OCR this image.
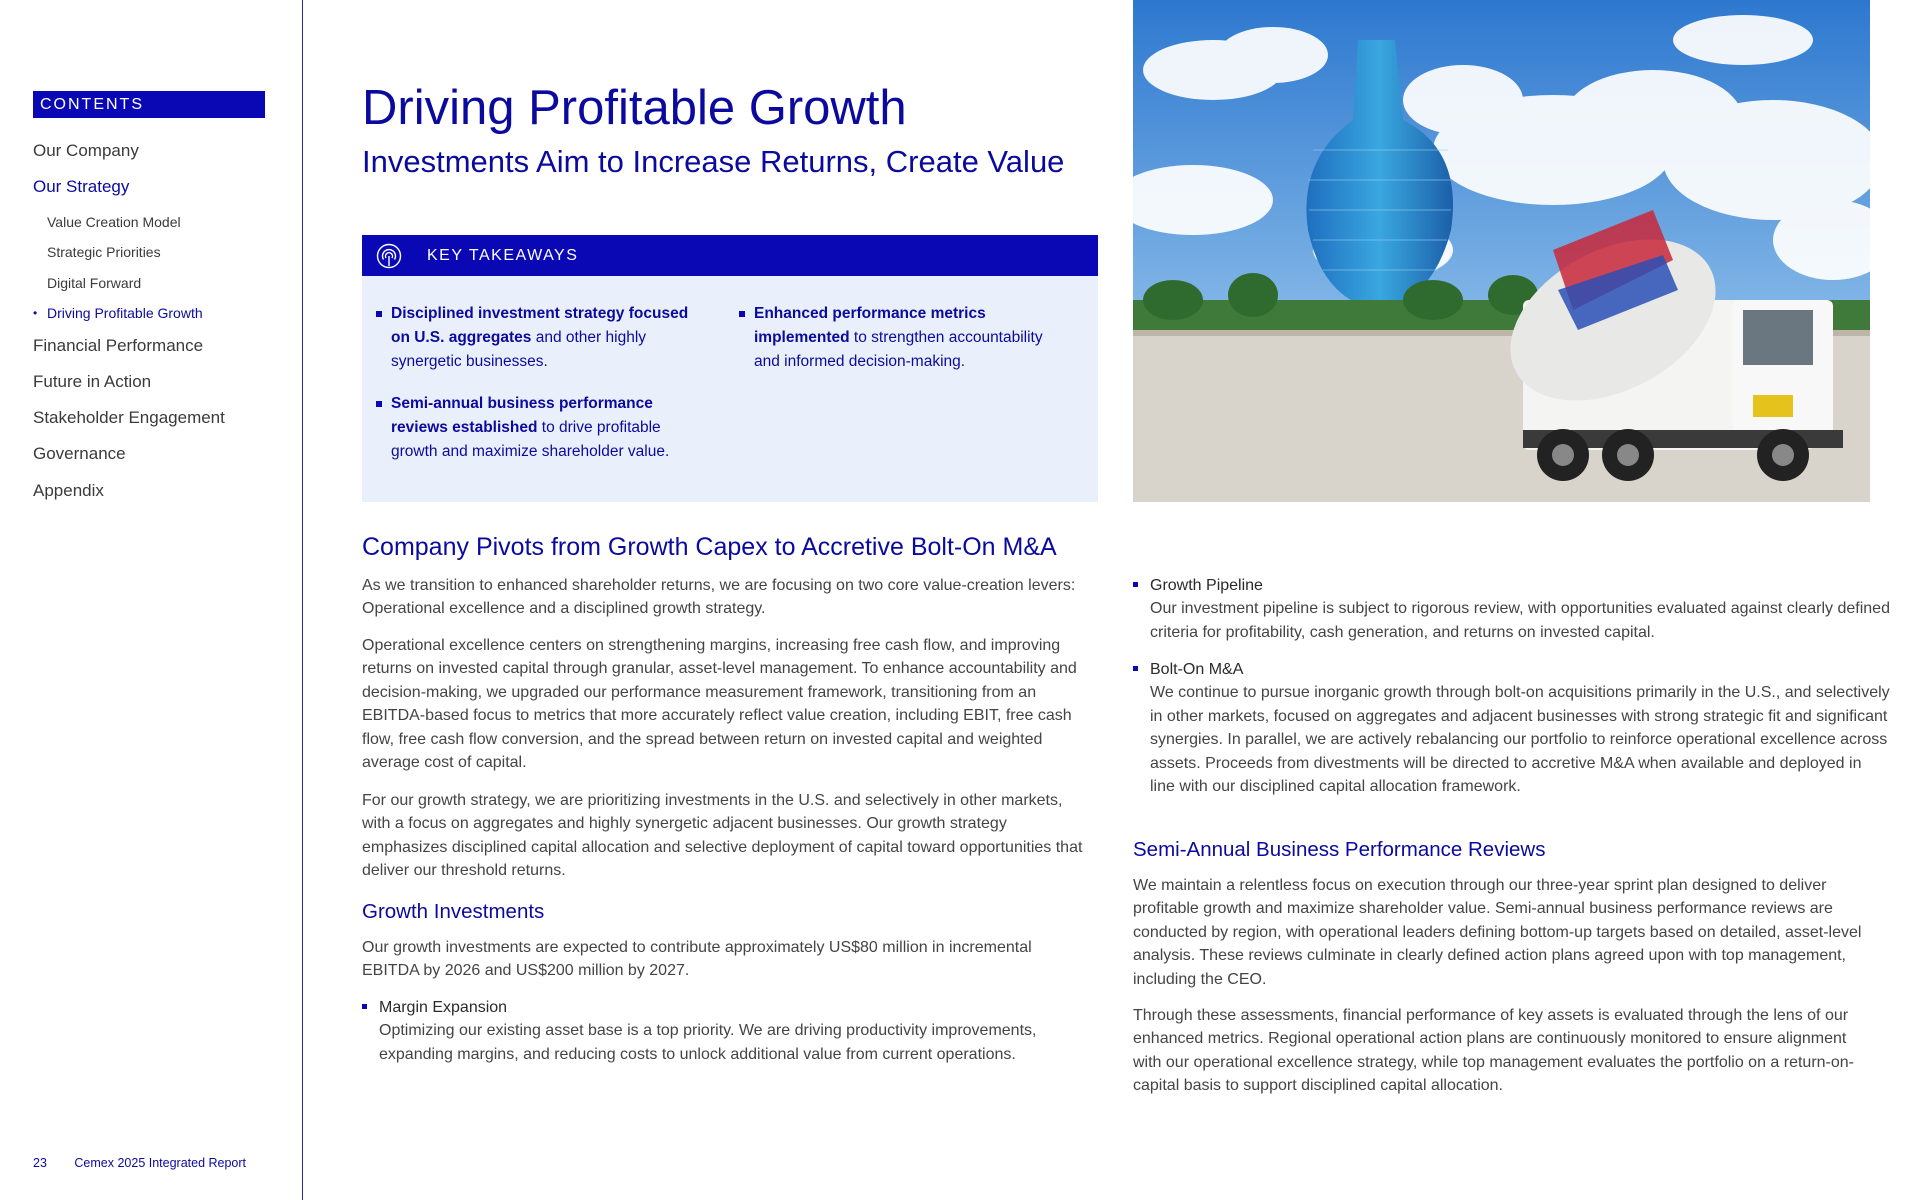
CONTENTS
Our Company
Our Strategy
Value Creation Model
Strategic Priorities
Digital Forward
• Driving Profitable Growth
Financial Performance
Future in Action
Stakeholder Engagement
Governance
Appendix
23 Cemex 2025 Integrated Report
Driving Profitable Growth
Investments Aim to Increase Returns, Create Value
KEY TAKEAWAYS
Disciplined investment strategy focused on U.S. aggregates and other highly synergetic businesses.
Semi-annual business performance reviews established to drive profitable growth and maximize shareholder value.
Enhanced performance metrics implemented to strengthen accountability and informed decision-making.
Company Pivots from Growth Capex to Accretive Bolt-On M&A

As we transition to enhanced shareholder returns, we are focusing on two core value-creation levers: Operational excellence and a disciplined growth strategy.

Operational excellence centers on strengthening margins, increasing free cash flow, and improving returns on invested capital through granular, asset-level management. To enhance accountability and decision-making, we upgraded our performance measurement framework, transitioning from an EBITDA-based focus to metrics that more accurately reflect value creation, including EBIT, free cash flow, free cash flow conversion, and the spread between return on invested capital and weighted average cost of capital.

For our growth strategy, we are prioritizing investments in the U.S. and selectively in other markets, with a focus on aggregates and highly synergetic adjacent businesses. Our growth strategy emphasizes disciplined capital allocation and selective deployment of capital toward opportunities that deliver our threshold returns.

Growth Investments

Our growth investments are expected to contribute approximately US$80 million in incremental EBITDA by 2026 and US$200 million by 2027.

Margin Expansion
Optimizing our existing asset base is a top priority. We are driving productivity improvements, expanding margins, and reducing costs to unlock additional value from current operations.
Growth Pipeline
Our investment pipeline is subject to rigorous review, with opportunities evaluated against clearly defined criteria for profitability, cash generation, and returns on invested capital.
Bolt-On M&A
We continue to pursue inorganic growth through bolt-on acquisitions primarily in the U.S., and selectively in other markets, focused on aggregates and adjacent businesses with strong strategic fit and significant synergies. In parallel, we are actively rebalancing our portfolio to reinforce operational excellence across assets. Proceeds from divestments will be directed to accretive M&A when available and deployed in line with our disciplined capital allocation framework.
Semi-Annual Business Performance Reviews

We maintain a relentless focus on execution through our three-year sprint plan designed to deliver profitable growth and maximize shareholder value. Semi-annual business performance reviews are conducted by region, with operational leaders defining bottom-up targets based on detailed, asset-level analysis. These reviews culminate in clearly defined action plans agreed upon with top management, including the CEO.

Through these assessments, financial performance of key assets is evaluated through the lens of our enhanced metrics. Regional operational action plans are continuously monitored to ensure alignment with our operational excellence strategy, while top management evaluates the portfolio on a return-on-capital basis to support disciplined capital allocation.
